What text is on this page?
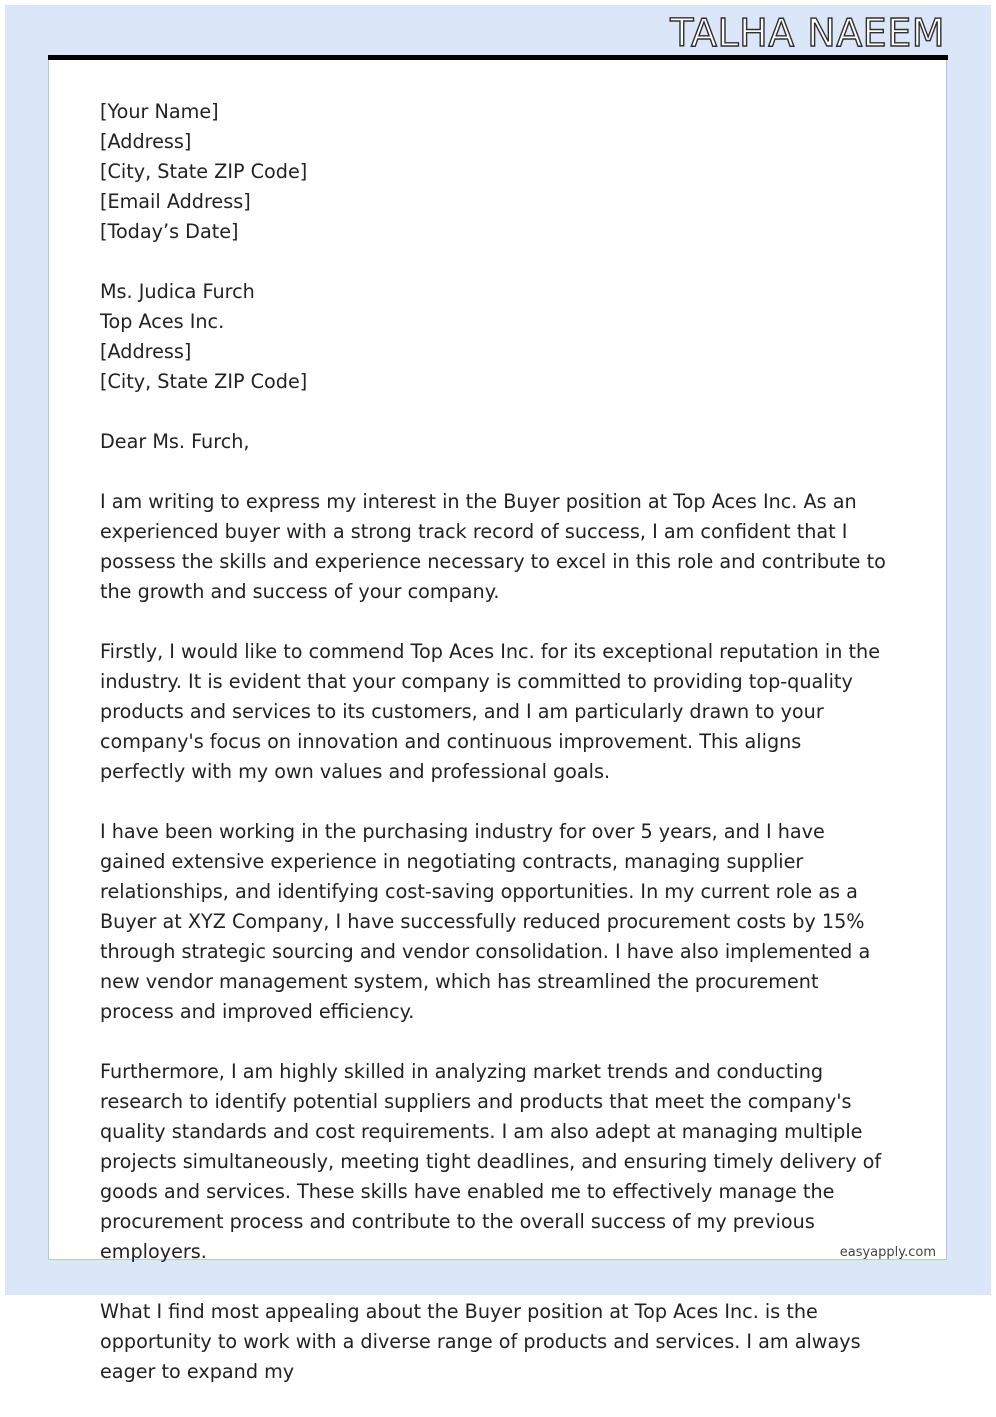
TALHA NAEEM

[Your Name]

[Address]

[City, State ZIP Code]

[Email Address]

[Today’s Date]

Ms. Judica Furch

Top Aces Inc.

[Address]

[City, State ZIP Code]

Dear Ms. Furch,

I am writing to express my interest in the Buyer position at Top Aces Inc. As an experienced buyer with a strong track record of success, I am confident that I possess the skills and experience necessary to excel in this role and contribute to the growth and success of your company.

Firstly, I would like to commend Top Aces Inc. for its exceptional reputation in the industry. It is evident that your company is committed to providing top-quality products and services to its customers, and I am particularly drawn to your company's focus on innovation and continuous improvement. This aligns perfectly with my own values and professional goals.

I have been working in the purchasing industry for over 5 years, and I have gained extensive experience in negotiating contracts, managing supplier relationships, and identifying cost-saving opportunities. In my current role as a Buyer at XYZ Company, I have successfully reduced procurement costs by 15% through strategic sourcing and vendor consolidation. I have also implemented a new vendor management system, which has streamlined the procurement process and improved efficiency.

Furthermore, I am highly skilled in analyzing market trends and conducting research to identify potential suppliers and products that meet the company's quality standards and cost requirements. I am also adept at managing multiple projects simultaneously, meeting tight deadlines, and ensuring timely delivery of goods and services. These skills have enabled me to effectively manage the procurement process and contribute to the overall success of my previous employers.

What I find most appealing about the Buyer position at Top Aces Inc. is the opportunity to work with a diverse range of products and services. I am always eager to expand my

easyapply.com
